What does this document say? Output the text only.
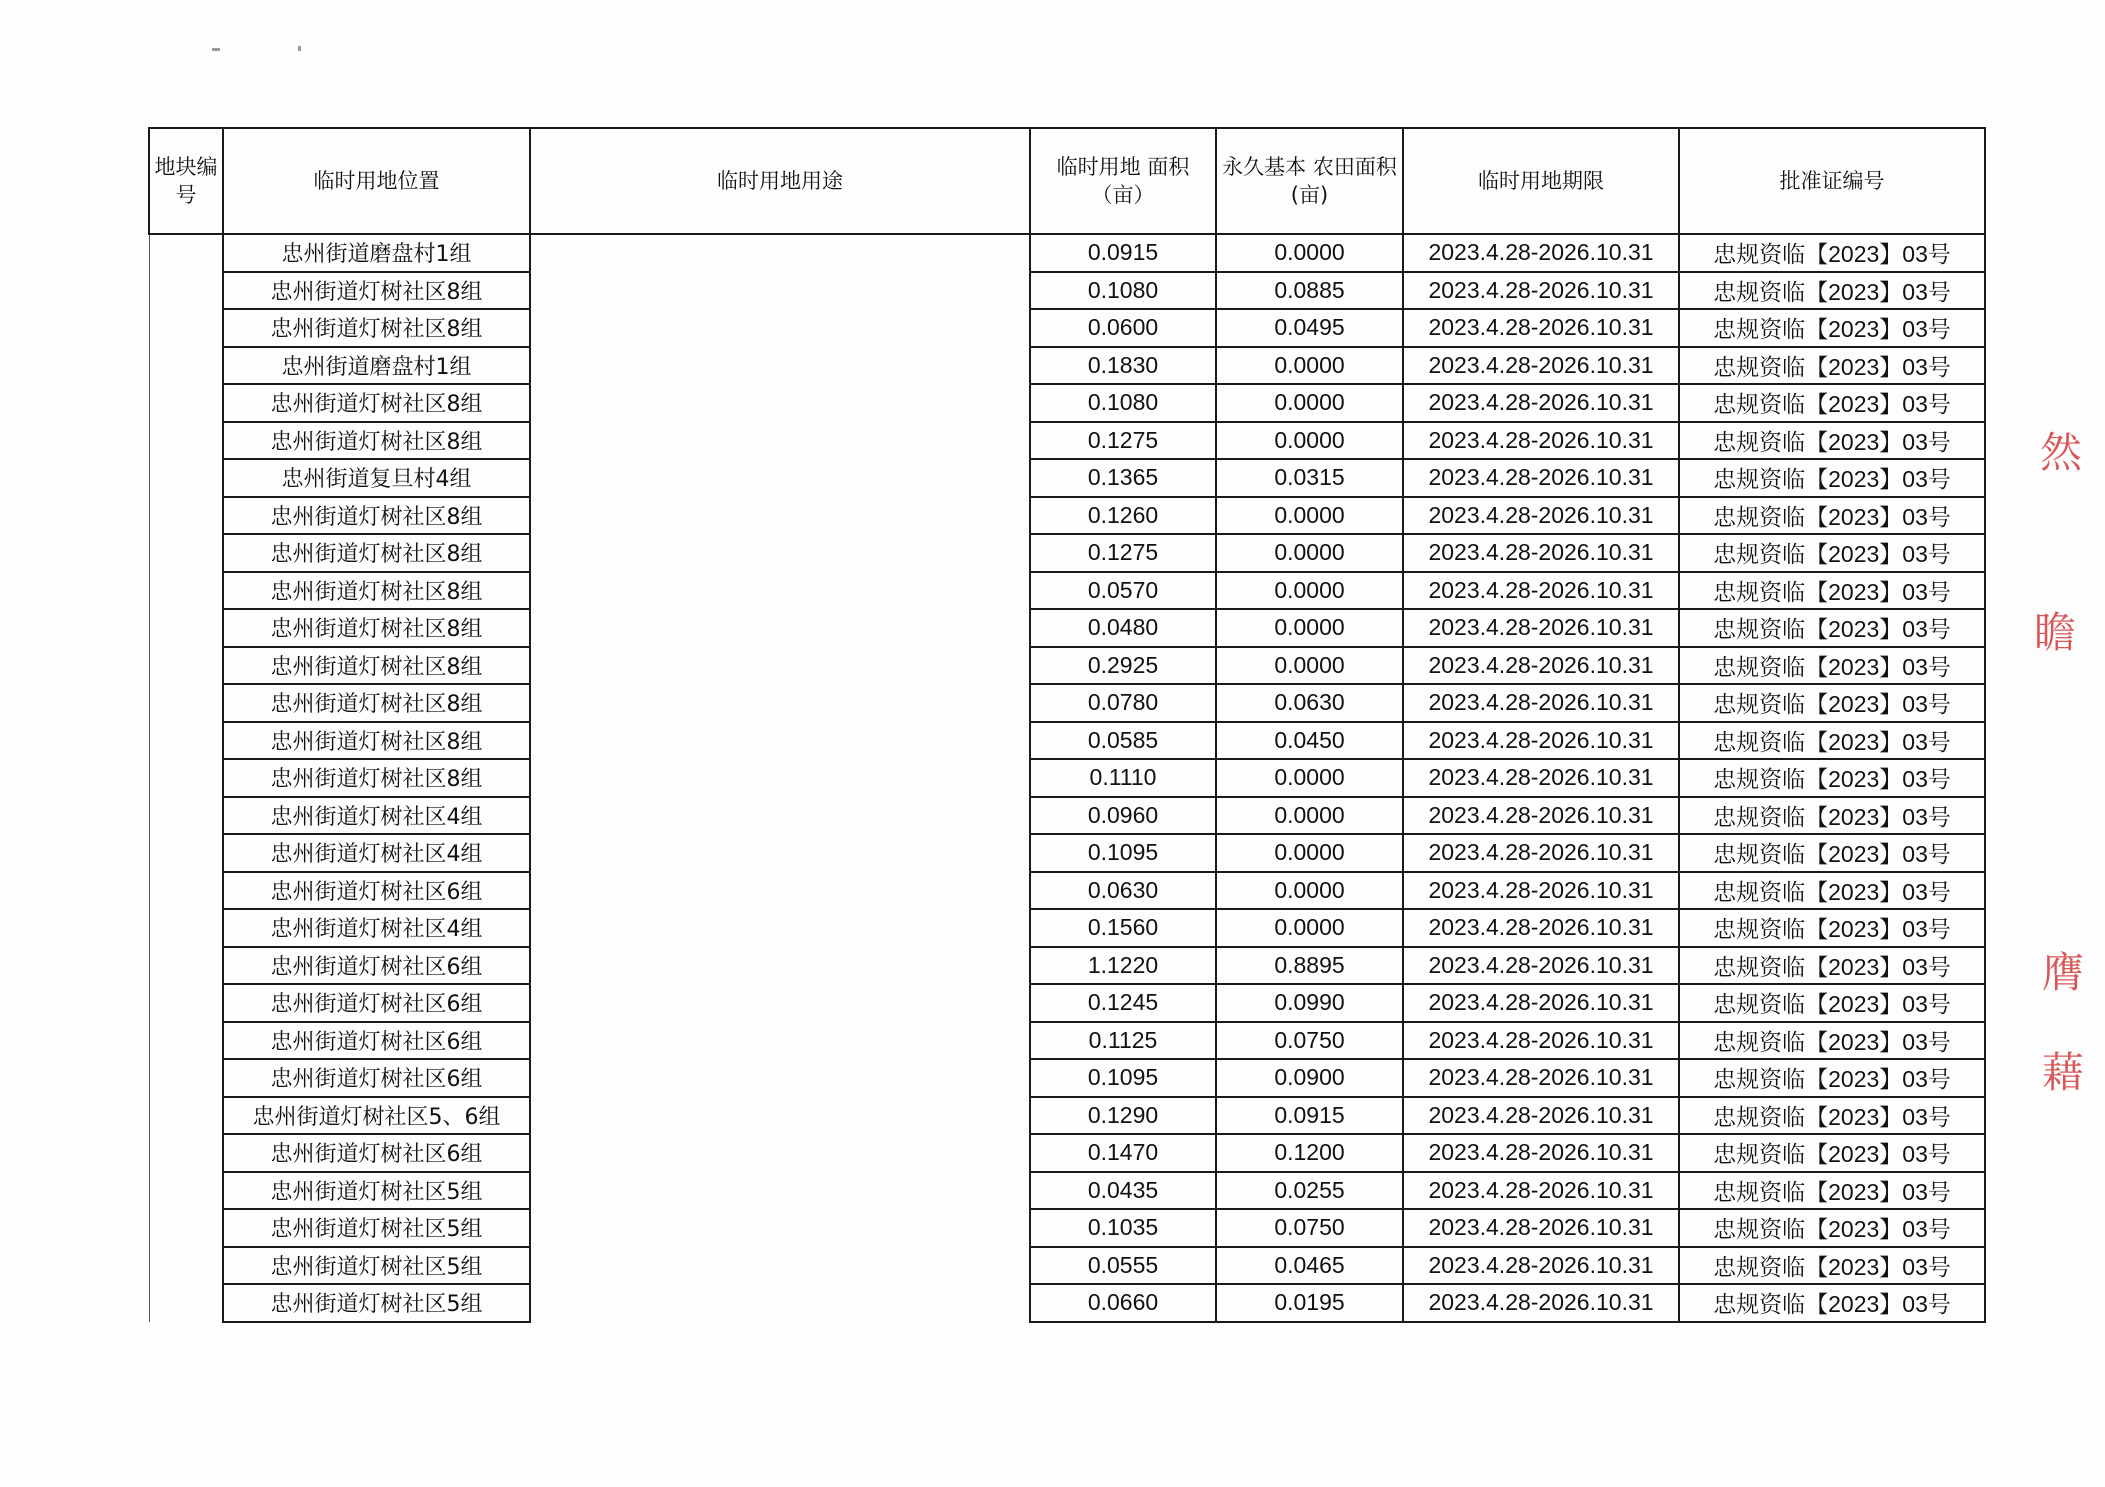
地块编号	临时用地位置	临时用地用途	临时用地 面积（亩）	永久基本 农田面积(亩)	临时用地期限	批准证编号
	忠州街道磨盘村1组		0.0915	0.0000	2023.4.28-2026.10.31	忠规资临【2023】03号
	忠州街道灯树社区8组		0.1080	0.0885	2023.4.28-2026.10.31	忠规资临【2023】03号
	忠州街道灯树社区8组		0.0600	0.0495	2023.4.28-2026.10.31	忠规资临【2023】03号
	忠州街道磨盘村1组		0.1830	0.0000	2023.4.28-2026.10.31	忠规资临【2023】03号
	忠州街道灯树社区8组		0.1080	0.0000	2023.4.28-2026.10.31	忠规资临【2023】03号
	忠州街道灯树社区8组		0.1275	0.0000	2023.4.28-2026.10.31	忠规资临【2023】03号
	忠州街道复旦村4组		0.1365	0.0315	2023.4.28-2026.10.31	忠规资临【2023】03号
	忠州街道灯树社区8组		0.1260	0.0000	2023.4.28-2026.10.31	忠规资临【2023】03号
	忠州街道灯树社区8组		0.1275	0.0000	2023.4.28-2026.10.31	忠规资临【2023】03号
	忠州街道灯树社区8组		0.0570	0.0000	2023.4.28-2026.10.31	忠规资临【2023】03号
	忠州街道灯树社区8组		0.0480	0.0000	2023.4.28-2026.10.31	忠规资临【2023】03号
	忠州街道灯树社区8组		0.2925	0.0000	2023.4.28-2026.10.31	忠规资临【2023】03号
	忠州街道灯树社区8组		0.0780	0.0630	2023.4.28-2026.10.31	忠规资临【2023】03号
	忠州街道灯树社区8组		0.0585	0.0450	2023.4.28-2026.10.31	忠规资临【2023】03号
	忠州街道灯树社区8组		0.1110	0.0000	2023.4.28-2026.10.31	忠规资临【2023】03号
	忠州街道灯树社区4组		0.0960	0.0000	2023.4.28-2026.10.31	忠规资临【2023】03号
	忠州街道灯树社区4组		0.1095	0.0000	2023.4.28-2026.10.31	忠规资临【2023】03号
	忠州街道灯树社区6组		0.0630	0.0000	2023.4.28-2026.10.31	忠规资临【2023】03号
	忠州街道灯树社区4组		0.1560	0.0000	2023.4.28-2026.10.31	忠规资临【2023】03号
	忠州街道灯树社区6组		1.1220	0.8895	2023.4.28-2026.10.31	忠规资临【2023】03号
	忠州街道灯树社区6组		0.1245	0.0990	2023.4.28-2026.10.31	忠规资临【2023】03号
	忠州街道灯树社区6组		0.1125	0.0750	2023.4.28-2026.10.31	忠规资临【2023】03号
	忠州街道灯树社区6组		0.1095	0.0900	2023.4.28-2026.10.31	忠规资临【2023】03号
	忠州街道灯树社区5、6组		0.1290	0.0915	2023.4.28-2026.10.31	忠规资临【2023】03号
	忠州街道灯树社区6组		0.1470	0.1200	2023.4.28-2026.10.31	忠规资临【2023】03号
	忠州街道灯树社区5组		0.0435	0.0255	2023.4.28-2026.10.31	忠规资临【2023】03号
	忠州街道灯树社区5组		0.1035	0.0750	2023.4.28-2026.10.31	忠规资临【2023】03号
	忠州街道灯树社区5组		0.0555	0.0465	2023.4.28-2026.10.31	忠规资临【2023】03号
	忠州街道灯树社区5组		0.0660	0.0195	2023.4.28-2026.10.31	忠规资临【2023】03号
然
瞻
膺
藉
